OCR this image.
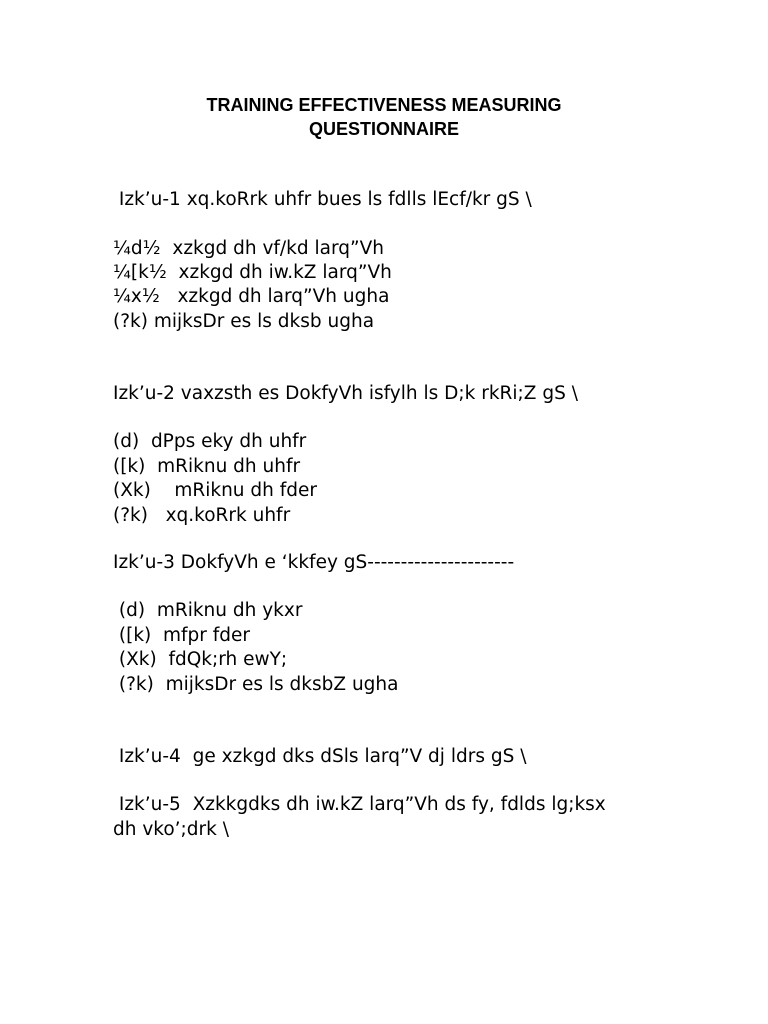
TRAINING EFFECTIVENESS MEASURING
QUESTIONNAIRE
Izk’u-1 xq.koRrk uhfr bues ls fdlls lEcf/kr gS \
¼d½  xzkgd dh vf/kd larq”Vh
¼[k½  xzkgd dh iw.kZ larq”Vh
¼x½   xzkgd dh larq”Vh ugha
(?k) mijksDr es ls dksb ugha
Izk’u-2 vaxzsth es DokfyVh isfylh ls D;k rkRi;Z gS \
(d)  dPps eky dh uhfr
([k)  mRiknu dh uhfr
(Xk)    mRiknu dh fder
(?k)   xq.koRrk uhfr
Izk’u-3 DokfyVh e ‘kkfey gS----------------------
(d)  mRiknu dh ykxr
([k)  mfpr fder
(Xk)  fdQk;rh ewY;
(?k)  mijksDr es ls dksbZ ugha
Izk’u-4  ge xzkgd dks dSls larq”V dj ldrs gS \
Izk’u-5  Xzkkgdks dh iw.kZ larq”Vh ds fy, fdlds lg;ksx
dh vko’;drk \
